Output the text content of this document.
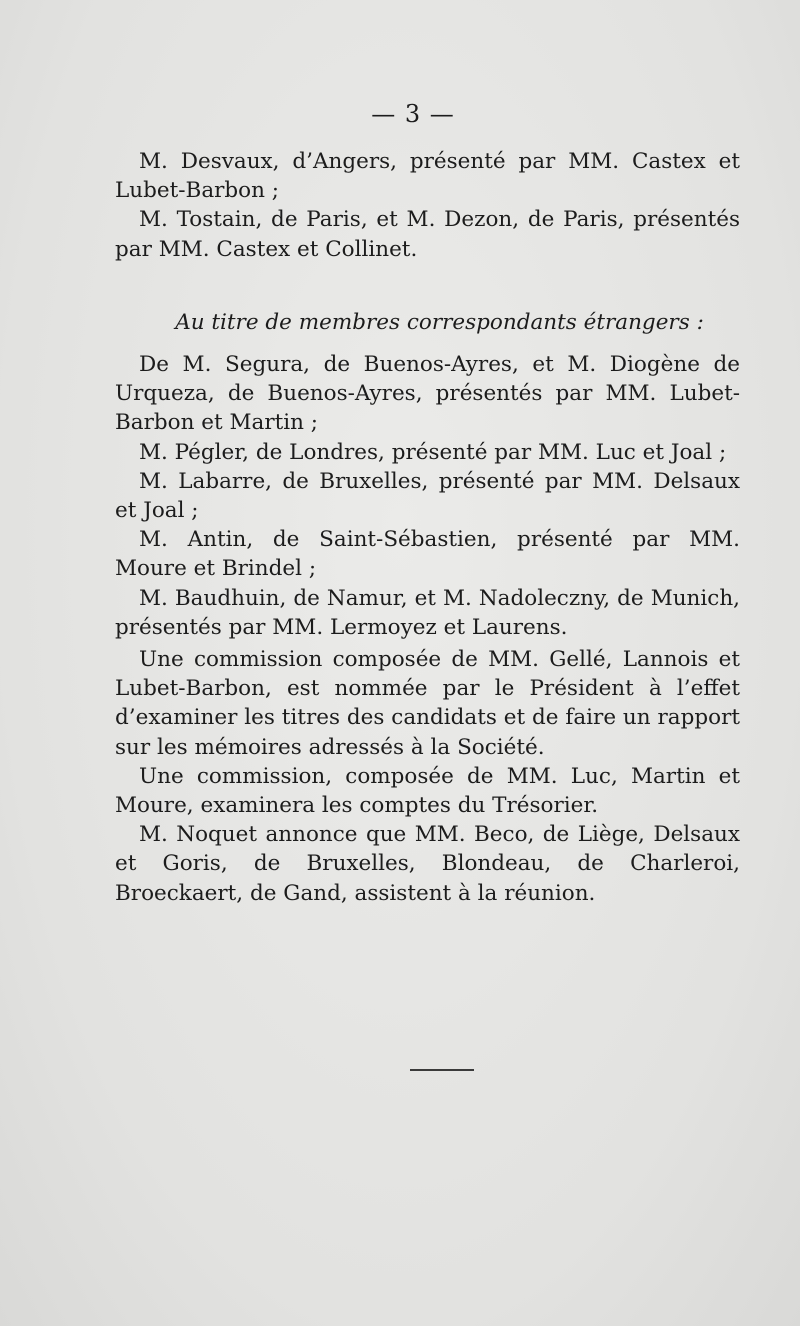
— 3 —

M. Desvaux, d’Angers, présenté par MM. Castex et Lubet-Barbon ;

M. Tostain, de Paris, et M. Dezon, de Paris, présentés par MM. Castex et Collinet.

Au titre de membres correspondants étrangers :

De M. Segura, de Buenos-Ayres, et M. Diogène de Urqueza, de Buenos-Ayres, présentés par MM. Lubet-Barbon et Martin ;

M. Pégler, de Londres, présenté par MM. Luc et Joal ;

M. Labarre, de Bruxelles, présenté par MM. Delsaux et Joal ;

M. Antin, de Saint-Sébastien, présenté par MM. Moure et Brindel ;

M. Baudhuin, de Namur, et M. Nadoleczny, de Munich, présentés par MM. Lermoyez et Laurens.

Une commission composée de MM. Gellé, Lannois et Lubet-Barbon, est nommée par le Président à l’effet d’examiner les titres des candidats et de faire un rapport sur les mémoires adressés à la Société.

Une commission, composée de MM. Luc, Martin et Moure, examinera les comptes du Trésorier.

M. Noquet annonce que MM. Beco, de Liège, Delsaux et Goris, de Bruxelles, Blondeau, de Charleroi, Broeckaert, de Gand, assistent à la réunion.
